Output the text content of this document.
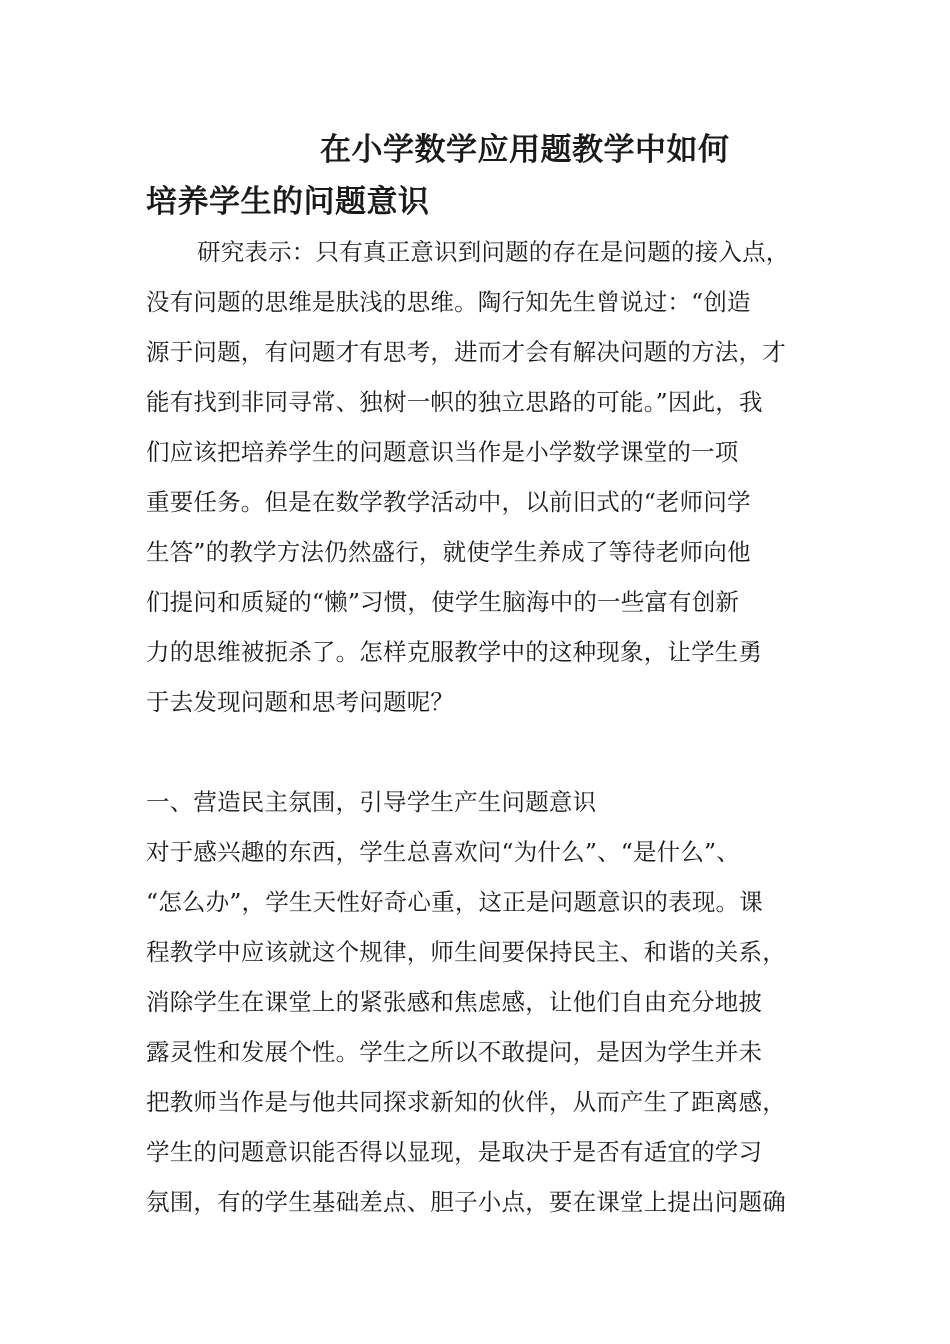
在小学数学应用题教学中如何
培养学生的问题意识
研究表示：只有真正意识到问题的存在是问题的接入点，
没有问题的思维是肤浅的思维。陶行知先生曾说过：“创造
源于问题，有问题才有思考，进而才会有解决问题的方法，才
能有找到非同寻常、独树一帜的独立思路的可能。”因此，我
们应该把培养学生的问题意识当作是小学数学课堂的一项
重要任务。但是在数学教学活动中，以前旧式的“老师问学
生答”的教学方法仍然盛行，就使学生养成了等待老师向他
们提问和质疑的“懒”习惯，使学生脑海中的一些富有创新
力的思维被扼杀了。怎样克服教学中的这种现象，让学生勇
于去发现问题和思考问题呢？
一、营造民主氛围，引导学生产生问题意识
对于感兴趣的东西，学生总喜欢问“为什么”、“是什么”、
“怎么办”，学生天性好奇心重，这正是问题意识的表现。课
程教学中应该就这个规律，师生间要保持民主、和谐的关系，
消除学生在课堂上的紧张感和焦虑感，让他们自由充分地披
露灵性和发展个性。学生之所以不敢提问，是因为学生并未
把教师当作是与他共同探求新知的伙伴，从而产生了距离感，
学生的问题意识能否得以显现，是取决于是否有适宜的学习
氛围，有的学生基础差点、胆子小点，要在课堂上提出问题确
